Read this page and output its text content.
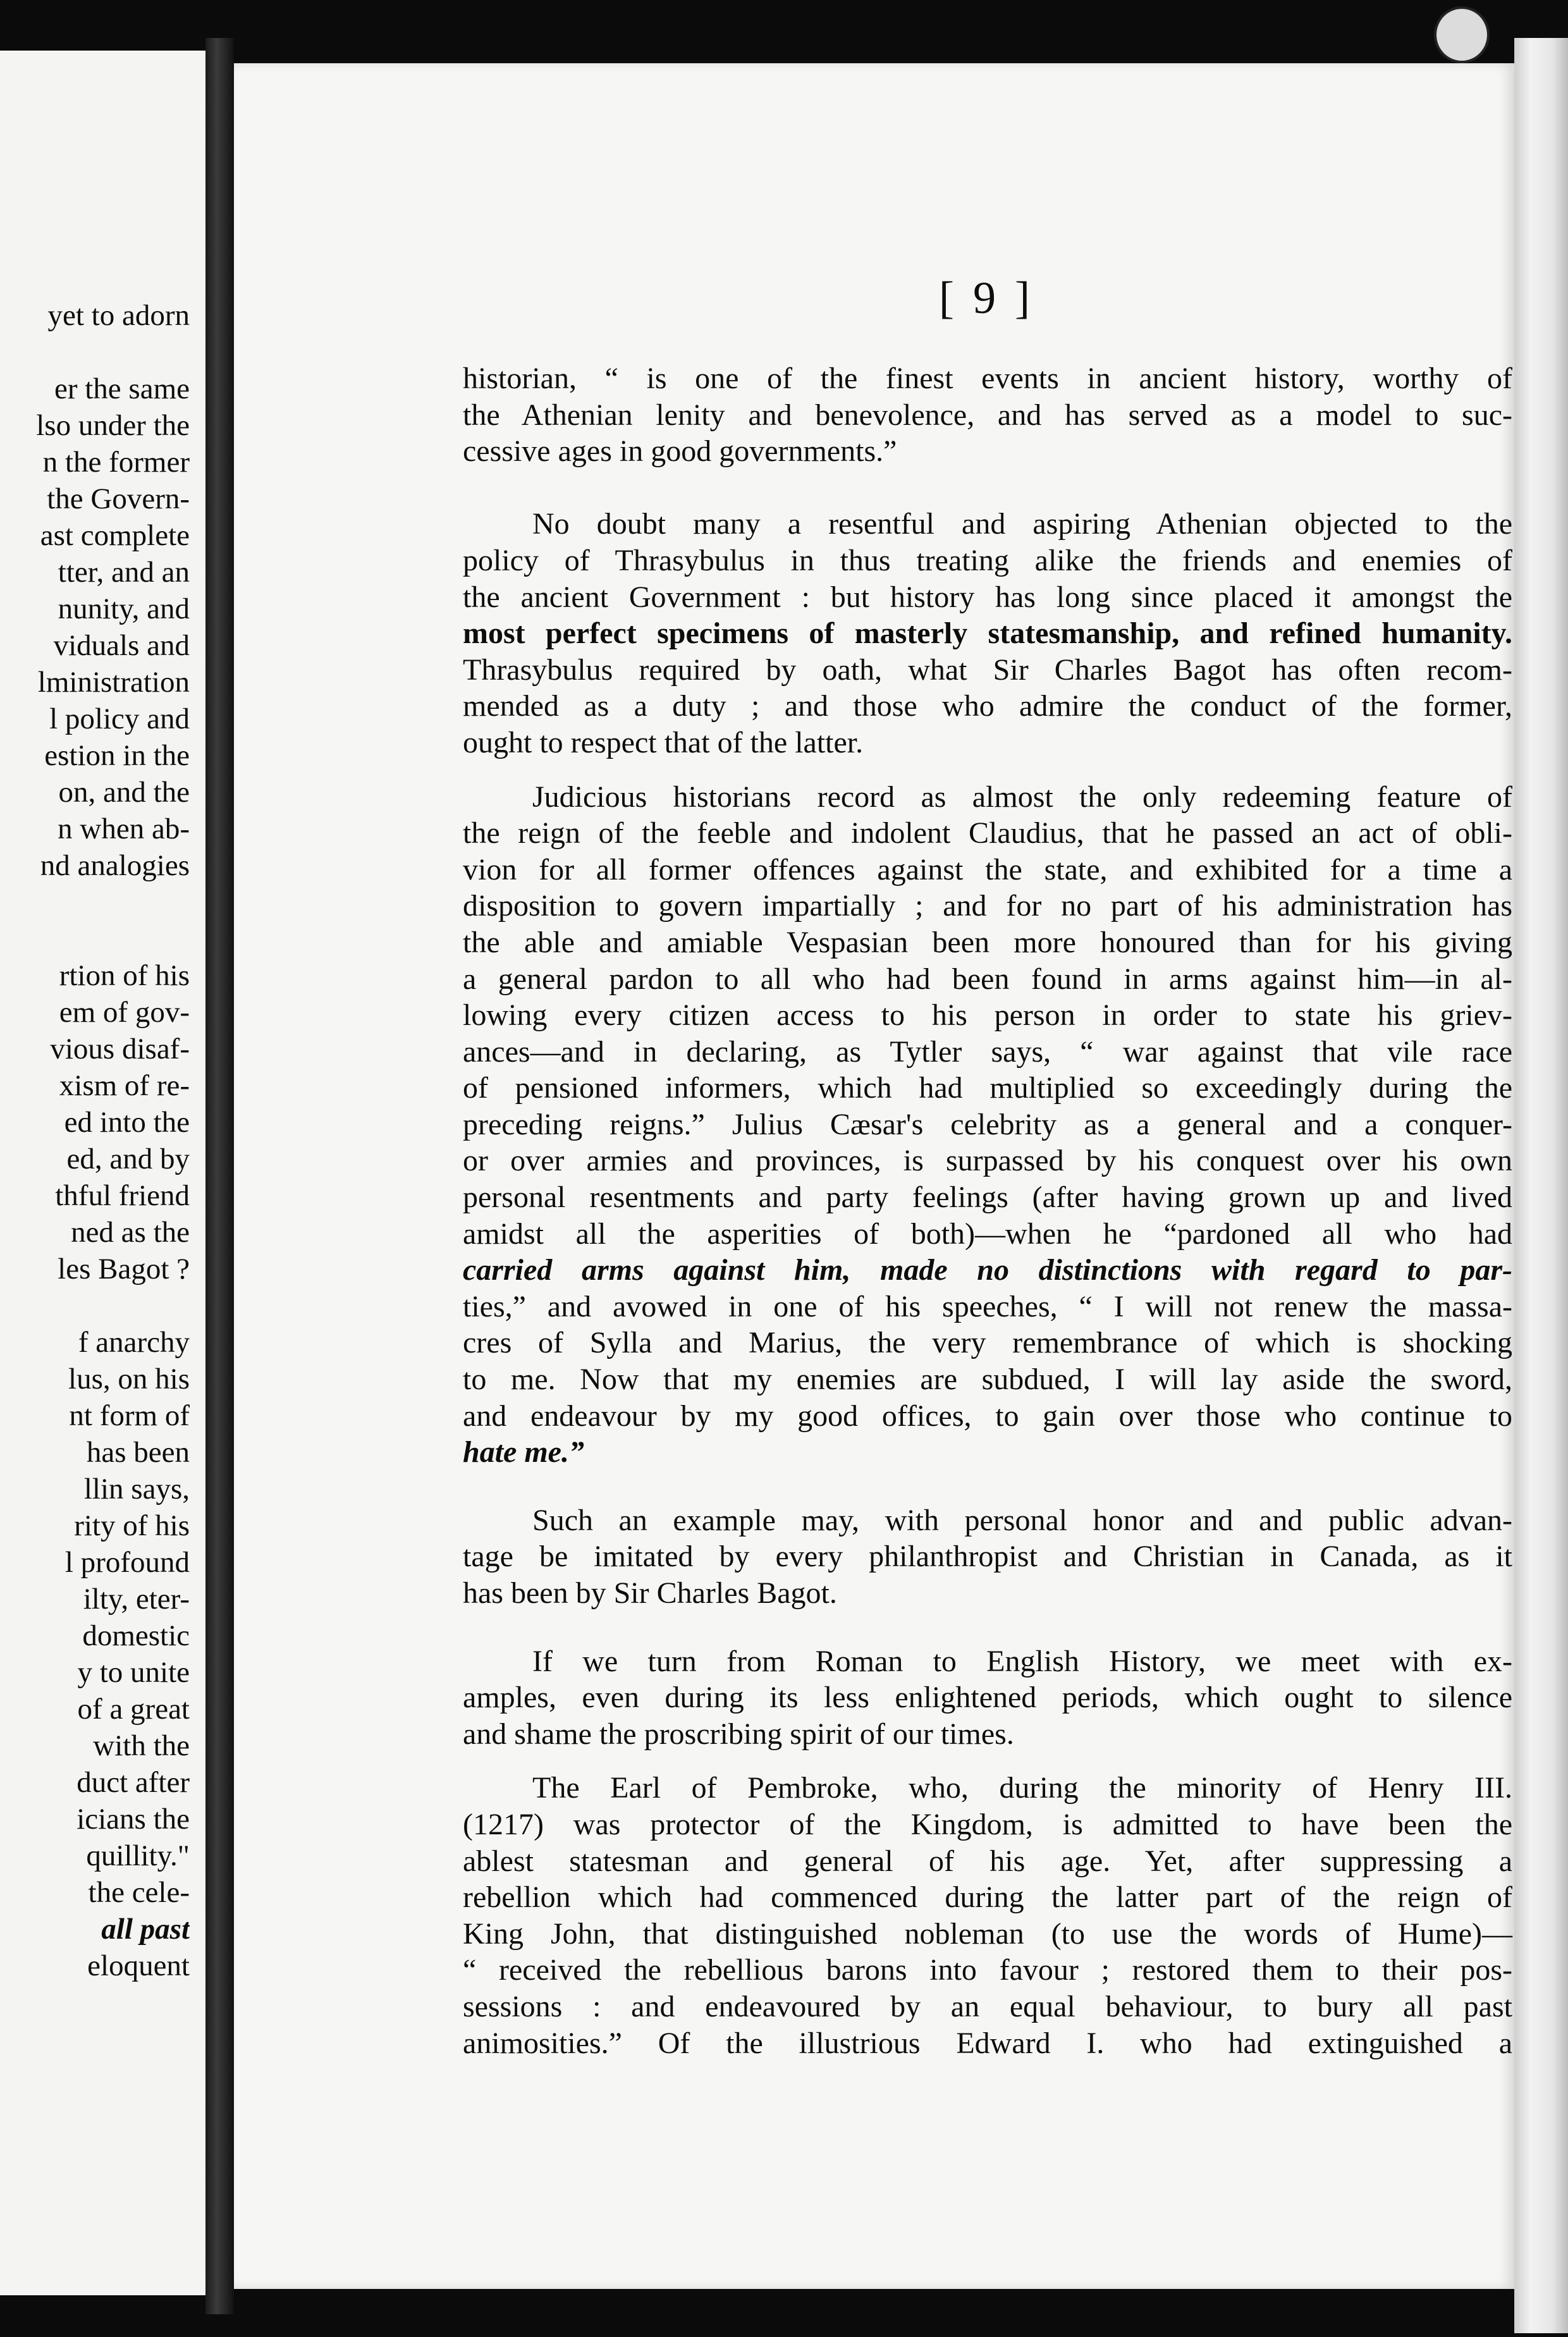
yet to adorn
er the same
lso under the
n the former
the Govern-
ast complete
tter, and an
nunity, and
viduals and
lministration
l policy and
estion in the
on, and the
n when ab-
nd analogies
rtion of his
em of gov-
vious disaf-
xism of re-
ed into the
ed, and by
thful friend
ned as the
les Bagot ?
f anarchy
lus, on his
nt form of
has been
llin says,
rity of his
l profound
ilty, eter-
domestic
y to unite
of a great
with the
duct after
icians the
quillity."
the cele-
all past
eloquent
[ 9 ]
historian, “ is one of the finest events in ancient history, worthy of
the Athenian lenity and benevolence, and has served as a model to suc-
cessive ages in good governments.”
No doubt many a resentful and aspiring Athenian objected to the
policy of Thrasybulus in thus treating alike the friends and enemies of
the ancient Government : but history has long since placed it amongst the
most perfect specimens of masterly statesmanship, and refined humanity.
Thrasybulus required by oath, what Sir Charles Bagot has often recom-
mended as a duty ; and those who admire the conduct of the former,
ought to respect that of the latter.
Judicious historians record as almost the only redeeming feature of
the reign of the feeble and indolent Claudius, that he passed an act of obli-
vion for all former offences against the state, and exhibited for a time a
disposition to govern impartially ; and for no part of his administration has
the able and amiable Vespasian been more honoured than for his giving
a general pardon to all who had been found in arms against him—in al-
lowing every citizen access to his person in order to state his griev-
ances—and in declaring, as Tytler says, “ war against that vile race
of pensioned informers, which had multiplied so exceedingly during the
preceding reigns.” Julius Cæsar's celebrity as a general and a conquer-
or over armies and provinces, is surpassed by his conquest over his own
personal resentments and party feelings (after having grown up and lived
amidst all the asperities of both)—when he “pardoned all who had
carried arms against him, made no distinctions with regard to par-
ties,” and avowed in one of his speeches, “ I will not renew the massa-
cres of Sylla and Marius, the very remembrance of which is shocking
to me. Now that my enemies are subdued, I will lay aside the sword,
and endeavour by my good offices, to gain over those who continue to
hate me.”
Such an example may, with personal honor and and public advan-
tage be imitated by every philanthropist and Christian in Canada, as it
has been by Sir Charles Bagot.
If we turn from Roman to English History, we meet with ex-
amples, even during its less enlightened periods, which ought to silence
and shame the proscribing spirit of our times.
The Earl of Pembroke, who, during the minority of Henry III.
(1217) was protector of the Kingdom, is admitted to have been the
ablest statesman and general of his age. Yet, after suppressing a
rebellion which had commenced during the latter part of the reign of
King John, that distinguished nobleman (to use the words of Hume)—
“ received the rebellious barons into favour ; restored them to their pos-
sessions : and endeavoured by an equal behaviour, to bury all past
animosities.” Of the illustrious Edward I. who had extinguished a
